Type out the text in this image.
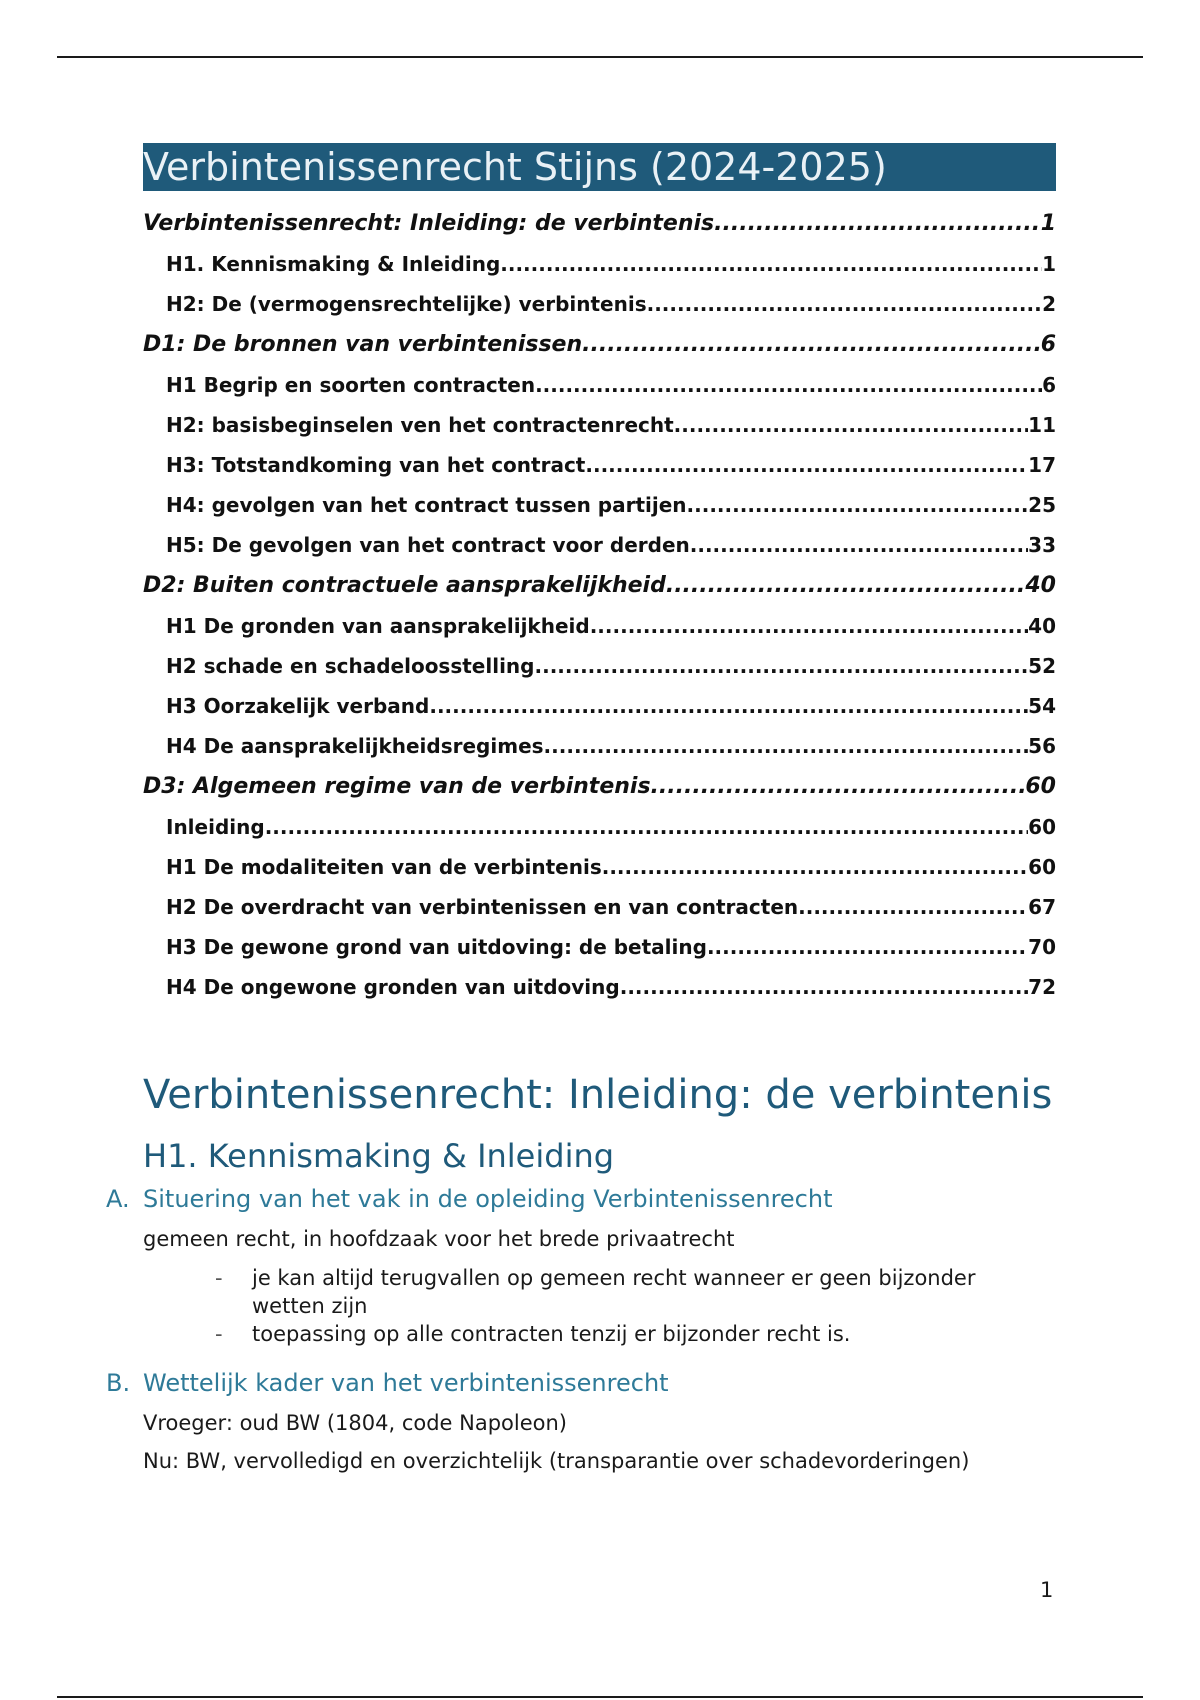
Verbintenissenrecht Stijns (2024-2025)
Verbintenissenrecht: Inleiding: de verbintenis .....	1
H1. Kennismaking & Inleiding .....	1
H2: De (vermogensrechtelijke) verbintenis .....	2
D1: De bronnen van verbintenissen .....	6
H1 Begrip en soorten contracten .....	6
H2: basisbeginselen ven het contractenrecht .....	11
H3: Totstandkoming van het contract .....	17
H4: gevolgen van het contract tussen partijen .....	25
H5: De gevolgen van het contract voor derden .....	33
D2: Buiten contractuele aansprakelijkheid .....	40
H1 De gronden van aansprakelijkheid .....	40
H2 schade en schadeloosstelling .....	52
H3 Oorzakelijk verband .....	54
H4 De aansprakelijkheidsregimes .....	56
D3: Algemeen regime van de verbintenis .....	60
Inleiding .....	60
H1 De modaliteiten van de verbintenis .....	60
H2 De overdracht van verbintenissen en van contracten .....	67
H3 De gewone grond van uitdoving: de betaling .....	70
H4 De ongewone gronden van uitdoving .....	72
Verbintenissenrecht: Inleiding: de verbintenis
H1. Kennismaking & Inleiding
A. Situering van het vak in de opleiding Verbintenissenrecht

gemeen recht, in hoofdzaak voor het brede privaatrecht

-	je kan altijd terugvallen op gemeen recht wanneer er geen bijzonder wetten zijn
-	toepassing op alle contracten tenzij er bijzonder recht is.
B. Wettelijk kader van het verbintenissenrecht

Vroeger: oud BW (1804, code Napoleon)

Nu: BW, vervolledigd en overzichtelijk (transparantie over schadevorderingen)

1
